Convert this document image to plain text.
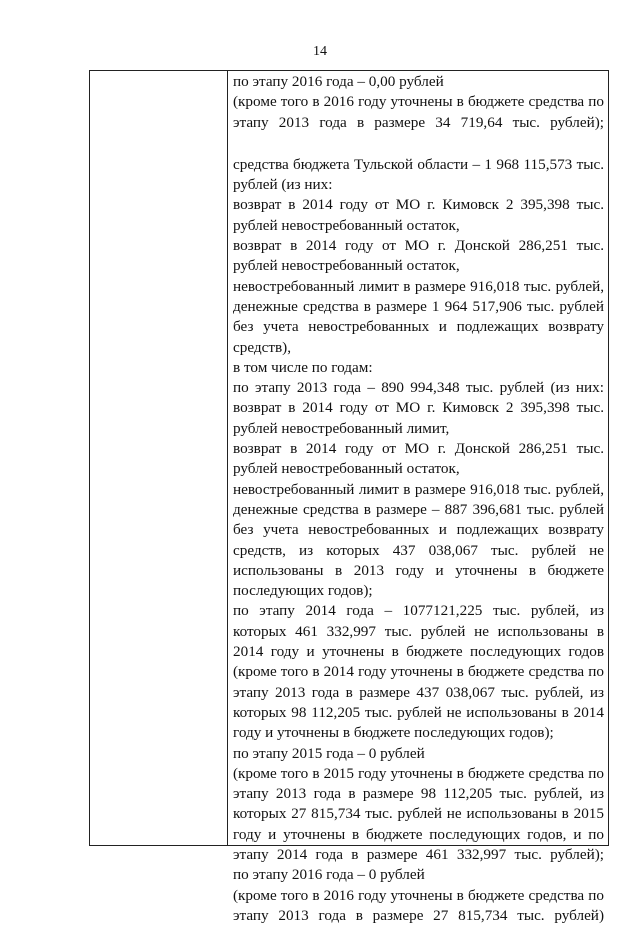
14
по этапу 2016 года – 0,00 рублей
(кроме того в 2016 году уточнены в бюджете средства по
этапу 2013 года в размере 34 719,64 тыс. рублей);
средства бюджета Тульской области – 1 968 115,573 тыс.
рублей (из них:
возврат в 2014 году от МО г. Кимовск 2 395,398 тыс.
рублей невостребованный остаток,
возврат в 2014 году от МО г. Донской 286,251 тыс.
рублей невостребованный остаток,
невостребованный лимит в размере 916,018 тыс. рублей,
денежные средства в размере 1 964 517,906 тыс. рублей
без учета невостребованных и подлежащих возврату
средств),
в том числе по годам:
по этапу 2013 года – 890 994,348 тыс. рублей (из них:
возврат в 2014 году от МО г. Кимовск 2 395,398 тыс.
рублей невостребованный лимит,
возврат в 2014 году от МО г. Донской 286,251 тыс.
рублей невостребованный остаток,
невостребованный лимит в размере 916,018 тыс. рублей,
денежные средства в размере – 887 396,681 тыс. рублей
без учета невостребованных и подлежащих возврату
средств, из которых 437 038,067 тыс. рублей не
использованы в 2013 году и уточнены в бюджете
последующих годов);
по этапу 2014 года – 1077121,225 тыс. рублей, из
которых 461 332,997 тыс. рублей не использованы в
2014 году и уточнены в бюджете последующих годов
(кроме того в 2014 году уточнены в бюджете средства по
этапу 2013 года в размере 437 038,067 тыс. рублей, из
которых 98 112,205 тыс. рублей не использованы в 2014
году и уточнены в бюджете последующих годов);
по этапу 2015 года – 0 рублей
(кроме того в 2015 году уточнены в бюджете средства по
этапу 2013 года в размере 98 112,205 тыс. рублей, из
которых 27 815,734 тыс. рублей не использованы в 2015
году и уточнены в бюджете последующих годов, и по
этапу 2014 года в размере 461 332,997 тыс. рублей);
по этапу 2016 года – 0 рублей
(кроме того в 2016 году уточнены в бюджете средства по
этапу 2013 года в размере 27 815,734 тыс. рублей)
